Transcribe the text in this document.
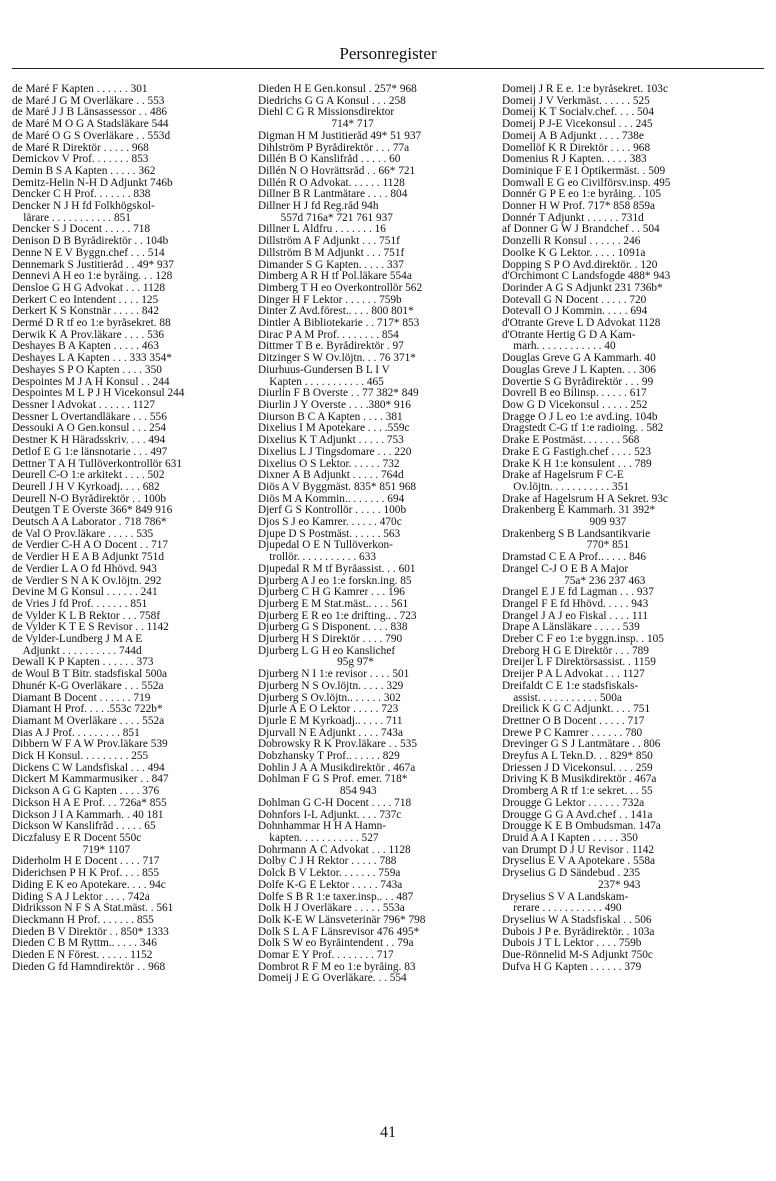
Personregister
de Maré F Kapten . . . . . . 301
de Maré J G M Överläkare . . 553
de Maré J J B Länsassessor . . 486
de Maré M O G A Stadsläkare 544
de Maré O G S Överläkare . . 553d
de Maré R Direktör . . . . . 968
Demickov V Prof. . . . . . . 853
Demin B S A Kapten . . . . . 362
Demitz-Helin N-H D Adjunkt 746b
Dencker C H Prof. . . . . . . 838
Dencker N J H fd Folkhögskol-
lärare . . . . . . . . . . . 851
Dencker S J Docent . . . . . 718
Denison D B Byrådirektör . . 104b
Denne N E V Byggn.chef . . . 514
Dennemark S Justitieråd . . 49* 937
Dennevi A H eo 1:e byråing. . . 128
Densloe G H G Advokat . . . 1128
Derkert C eo Intendent . . . . 125
Derkert K S Konstnär . . . . . 842
Dermé D R tf eo 1:e byråsekret. 88
Derwik K Å Prov.läkare . . . . 536
Deshayes B A Kapten . . . . . 463
Deshayes L A Kapten . . . 333 354*
Deshayes S P O Kapten . . . . 350
Despointes M J A H Konsul . . 244
Despointes M L P J H Vicekonsul 244
Dessner I Advokat . . . . . . 1127
Dessner L Övertandläkare . . . 556
Dessouki A O Gen.konsul . . . 254
Destner K H Häradsskriv. . . . 494
Detlof E G 1:e länsnotarie . . . 497
Dettner T A H Tullöverkontrollör 631
Deurell C-O 1:e arkitekt . . . . 502
Deurell J H V Kyrkoadj. . . . 682
Deurell N-O Byrådirektör . . 100b
Deutgen T E Överste 366* 849 916
Deutsch A A Laborator . 718 786*
de Val O Prov.läkare . . . . . 535
de Verdier C-H A O Docent . . 717
de Verdier H E A B Adjunkt 751d
de Verdier L A O fd Hhövd. 943
de Verdier S N A K Öv.löjtn. 292
Devine M G Konsul . . . . . . 241
de Vries J fd Prof. . . . . . . 851
de Vylder K L B Rektor . . . 758f
de Vylder K T E S Revisor . . 1142
de Vylder-Lundberg J M A E
Adjunkt . . . . . . . . . . 744d
Dewall K P Kapten . . . . . . 373
de Woul B T Bitr. stadsfiskal 500a
Dhunér K-G Överläkare . . . 552a
Diamant B Docent . . . . . . 719
Diamant H Prof. . . . .553c 722b*
Diamant M Överläkare . . . . 552a
Dias A J Prof. . . . . . . . . 851
Dibbern W F A W Prov.läkare 539
Dick H Konsul. . . . . . . . . 255
Dickens C W Landsfiskal . . . 494
Dickert M Kammarmusiker . . 847
Dickson A G G Kapten . . . . 376
Dickson H A E Prof. . . 726a* 855
Dickson J I A Kammarh. . 40 181
Dickson W Kanslifråd . . . . . 65
Diczfalusy E R Docent 550c
719* 1107
Diderholm H E Docent . . . . 717
Diderichsen P H K Prof. . . . 855
Diding E K eo Apotekare. . . . 94c
Diding S A J Lektor . . . . 742a
Didriksson N F S A Stat.mäst. . 561
Dieckmann H Prof. . . . . . . 855
Dieden B V Direktör . . 850* 1333
Dieden C B M Ryttm.. . . . . 346
Dieden E N Förest. . . . . . 1152
Dieden G fd Hamndirektör . . 968
Dieden H E Gen.konsul . 257* 968
Diedrichs G G A Konsul . . . 258
Diehl C G R Missionsdirektor
714* 717
Digman H M Justitieråd 49* 51 937
Dihlström P Byrådirektör . . . 77a
Dillén B O Kanslifråd . . . . . 60
Dillén N O Hovrättsråd . . 66* 721
Dillén R O Advokat. . . . . . 1128
Dillner B R Lantmätare . . . . 804
Dillner H J fd Reg.råd 94h
557d 716a* 721 761 937
Dillner L Åldfru . . . . . . . 16
Dillström A F Adjunkt . . . 751f
Dillström B M Adjunkt . . . 751f
Dimander S G Kapten. . . . . 337
Dimberg A R H tf Pol.läkare 554a
Dimberg T H eo Överkontrollör 562
Dinger H F Lektor . . . . . . 759b
Dinter Z Avd.förest.. . . . 800 801*
Dintler Å Bibliotekarie . . 717* 853
Dirac P A M Prof. . . . . . . . 854
Dittmer T B e. Byrådirektör . 97
Ditzinger S W Öv.löjtn. . . 76 371*
Diurhuus-Gundersen B L I V
Kapten . . . . . . . . . . . 465
Diurlin F B Överste . . 77 382* 849
Diurlin J Y Överste . . . .380* 916
Diurson B C A Kapten . . . . 381
Dixelius I M Apotekare . . . .559c
Dixelius K T Adjunkt . . . . . 753
Dixelius L J Tingsdomare . . . 220
Dixelius O S Lektor. . . . . . 732
Dixner Å B Adjunkt . . . . . 764d
Diös A V Byggmäst. 835* 851 968
Diös M A Kommin.. . . . . . . 694
Djerf G S Kontrollör . . . . . 100b
Djos S J eo Kamrer. . . . . . 470c
Djupe D S Postmäst. . . . . . 563
Djupedal O E N Tullöverkon-
trollör. . . . . . . . . . . 633
Djupedal R M tf Byråassist. . . 601
Djurberg A J eo 1:e forskn.ing. 85
Djurberg C H G Kamrer . . . 196
Djurberg E M Stat.mäst.. . . . 561
Djurberg E R eo 1:e drifting.. . 723
Djurberg G S Disponent. . . . 838
Djurberg H S Direktör . . . . 790
Djurberg L G H eo Kanslichef
95g 97*
Djurberg N I 1:e revisor . . . . 501
Djurberg N S Öv.löjtn. . . . . 329
Djurberg S Öv.löjtn.. . . . . . 302
Djurle A E O Lektor . . . . . 723
Djurle E M Kyrkoadj.. . . . . 711
Djurvall N E Adjunkt . . . . 743a
Dobrowsky R K Prov.läkare . . 535
Dobzhansky T Prof.. . . . . . 829
Dohlin J Å A Musikdirektör . 467a
Dohlman F G S Prof. emer. 718*
854 943
Dohlman G C-H Docent . . . . 718
Dohnfors I-L Adjunkt. . . . 737c
Dohnhammar H H A Hamn-
kapten. . . . . . . . . . . 527
Dohrmann Å C Advokat . . . 1128
Dolby C J H Rektor . . . . . 788
Dolck B V Lektor. . . . . . . 759a
Dolfe K-G E Lektor . . . . . 743a
Dolfe S B R 1:e taxer.insp.. . . 487
Dolk H J Överläkare . . . . . 553a
Dolk K-E W Länsveterinär 796* 798
Dolk S L A F Länsrevisor 476 495*
Dolk S W eo Byråintendent . . 79a
Domar E Y Prof. . . . . . . . 717
Dombrot R F M eo 1:e byråing. 83
Domeij J E G Överläkare. . . 554
Domeij J R E e. 1:e byråsekret. 103c
Domeij J V Verkmäst. . . . . . 525
Domeij K T Socialv.chef. . . . 504
Domeij P J-E Vicekonsul . . . 245
Domeij Å B Adjunkt . . . . 738e
Domellöf K R Direktör . . . . 968
Domenius R J Kapten. . . . . 383
Dominique F E I Optikermäst. . 509
Domwall E G eo Civilförsv.insp. 495
Donnér G P E eo 1:e byråing. . 105
Donner H W Prof. 717* 858 859a
Donnér T Adjunkt . . . . . . 731d
af Donner G W J Brandchef . . 504
Donzelli R Konsul . . . . . . 246
Doolke K G Lektor. . . . . 1091a
Dopping S P O Avd.direktör. . 120
d'Orchimont C Landsfogde 488* 943
Dorinder A G S Adjunkt 231 736b*
Dotevall G N Docent . . . . . 720
Dotevall O J Kommin. . . . . 694
d'Otrante Greve L D Advokat 1128
d'Otrante Hertig G D A Kam-
marh. . . . . . . . . . . . 40
Douglas Greve G A Kammarh. 40
Douglas Greve J L Kapten. . . 306
Dovertie S G Byrådirektör . . . 99
Dovrell B eo Bilinsp. . . . . . 617
Dow G D Vicekonsul . . . . . 252
Dragge O J L eo 1:e avd.ing. 104b
Dragstedt C-G tf 1:e radioing. . 582
Drake E Postmäst. . . . . . . 568
Drake E G Fastigh.chef . . . . 523
Drake K H 1:e konsulent . . . 789
Drake af Hagelsrum F C-E
Öv.löjtn. . . . . . . . . . . 351
Drake af Hagelsrum H A Sekret. 93c
Drakenberg E Kammarh. 31 392*
909 937
Drakenberg S B Landsantikvarie
770* 851
Dramstad C E A Prof.. . . . . 846
Drangel C-J O E B A Major
75a* 236 237 463
Drangel E J E fd Lagman . . . 937
Drangel F E fd Hhövd. . . . . 943
Drangel J A J eo Fiskal . . . . 111
Drape A Länsläkare . . . . . 539
Dreber C F eo 1:e byggn.insp. . 105
Dreborg H G E Direktör . . . 789
Dreijer L F Direktörsassist. . 1159
Dreijer P A L Advokat . . . 1127
Dreifaldt C E 1:e stadsfiskals-
assist. . . . . . . . . . . 500a
Dreilick K G C Adjunkt. . . . 751
Drettner O B Docent . . . . . 717
Drewe P C Kamrer . . . . . . 780
Drevinger G S J Lantmätare . . 806
Dreyfus A L Tekn.D. . . 829* 850
Driessen J D Vicekonsul. . . . 259
Driving K B Musikdirektör . 467a
Dromberg A R tf 1:e sekret. . . 55
Drougge G Lektor . . . . . . 732a
Drougge G G A Avd.chef . . 141a
Drougge K E B Ombudsman. 147a
Druid A A I Kapten . . . . . 350
van Drumpt D J U Revisor . 1142
Dryselius E V A Apotekare . 558a
Dryselius G D Sändebud . 235
237* 943
Dryselius S V A Landskam-
rerare . . . . . . . . . . . 490
Dryselius W A Stadsfiskal . . 506
Dubois J P e. Byrådirektör. . 103a
Dubois J T L Lektor . . . . 759b
Due-Rönnelid M-S Adjunkt 750c
Dufva H G Kapten . . . . . . 379
41
